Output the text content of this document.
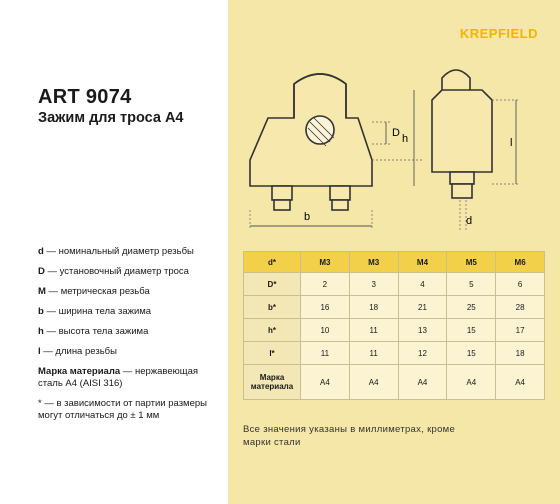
ART 9074
Зажим для троса А4
d — номинальный диаметр резьбы
D — установочный диаметр троса
M — метрическая резьба
b — ширина тела зажима
h — высота тела зажима
l — длина резьбы
Марка материала — нержавеющая сталь A4 (AISI 316)
* — в зависимости от партии размеры могут отличаться до ± 1 мм
KREPFIELD
D h
b
l
d
d*	M3	M3	M4	M5	M6
D*	2	3	4	5	6
b*	16	18	21	25	28
h*	10	11	13	15	17
l*	11	11	12	15	18
Марка материала	A4	A4	A4	A4	A4
Все значения указаны в миллиметрах, кроме марки стали
